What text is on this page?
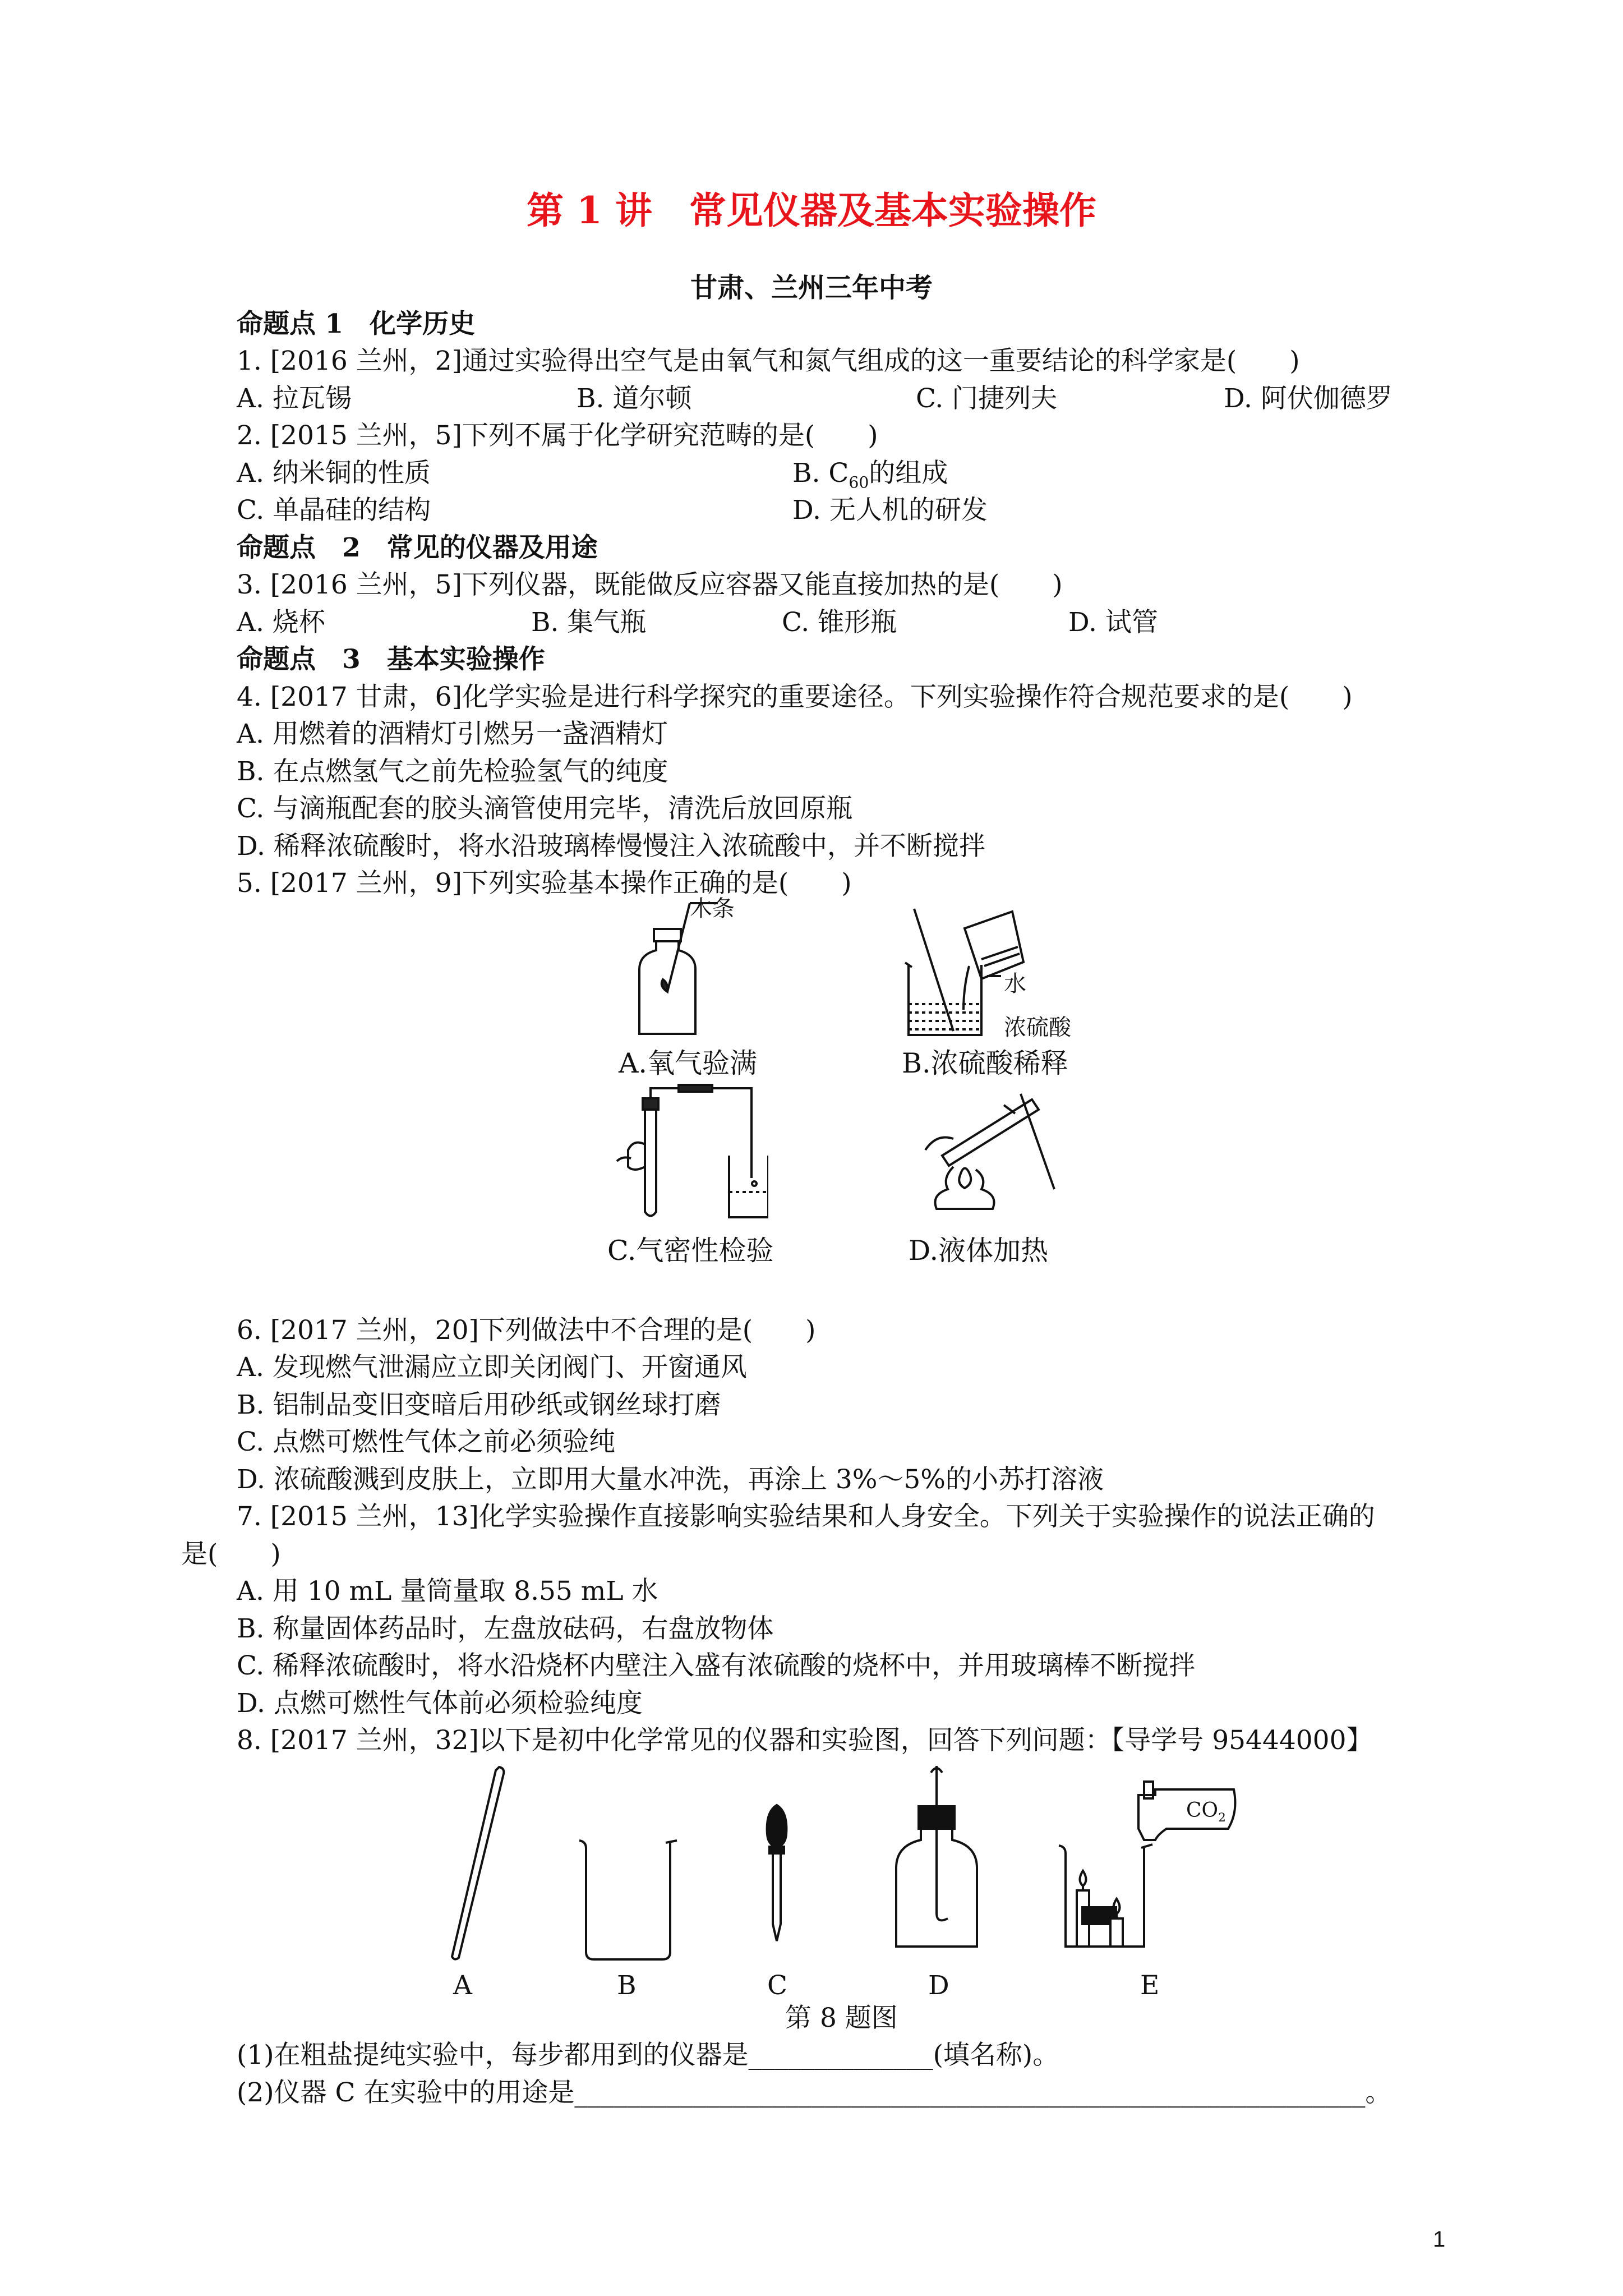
第 1 讲　常见仪器及基本实验操作
甘肃、兰州三年中考
命题点 1　化学历史
1. [2016 兰州，2]通过实验得出空气是由氧气和氮气组成的这一重要结论的科学家是(　　)
A. 拉瓦锡	B. 道尔顿	C. 门捷列夫	D. 阿伏伽德罗
2. [2015 兰州，5]下列不属于化学研究范畴的是(　　)
A. 纳米铜的性质	B. $C_{60}$的组成
C. 单晶硅的结构	D. 无人机的研发
命题点　2　常见的仪器及用途
3. [2016 兰州，5]下列仪器，既能做反应容器又能直接加热的是(　　)
A. 烧杯	B. 集气瓶	C. 锥形瓶	D. 试管
命题点　3　基本实验操作
4. [2017 甘肃，6]化学实验是进行科学探究的重要途径。下列实验操作符合规范要求的是(　　)
A. 用燃着的酒精灯引燃另一盏酒精灯
B. 在点燃氢气之前先检验氢气的纯度
C. 与滴瓶配套的胶头滴管使用完毕，清洗后放回原瓶
D. 稀释浓硫酸时，将水沿玻璃棒慢慢注入浓硫酸中，并不断搅拌
5. [2017 兰州，9]下列实验基本操作正确的是(　　)
木条
A.氧气验满
水
浓硫酸
B.浓硫酸稀释
C.气密性检验	D.液体加热
6. [2017 兰州，20]下列做法中不合理的是(　　)
A. 发现燃气泄漏应立即关闭阀门、开窗通风
B. 铝制品变旧变暗后用砂纸或钢丝球打磨
C. 点燃可燃性气体之前必须验纯
D. 浓硫酸溅到皮肤上，立即用大量水冲洗，再涂上 3%～5%的小苏打溶液
7. [2015 兰州，13]化学实验操作直接影响实验结果和人身安全。下列关于实验操作的说法正确的
是(　　)
A. 用 10 mL 量筒量取 8.55 mL 水
B. 称量固体药品时，左盘放砝码，右盘放物体
C. 稀释浓硫酸时，将水沿烧杯内壁注入盛有浓硫酸的烧杯中，并用玻璃棒不断搅拌
D. 点燃可燃性气体前必须检验纯度
8. [2017 兰州，32]以下是初中化学常见的仪器和实验图，回答下列问题：【导学号 95444000】
$CO_2$
A	B	C	D	E
第 8 题图
(1)在粗盐提纯实验中，每步都用到的仪器是______________(填名称)。
(2)仪器 C 在实验中的用途是____________________________________________________________。
1
